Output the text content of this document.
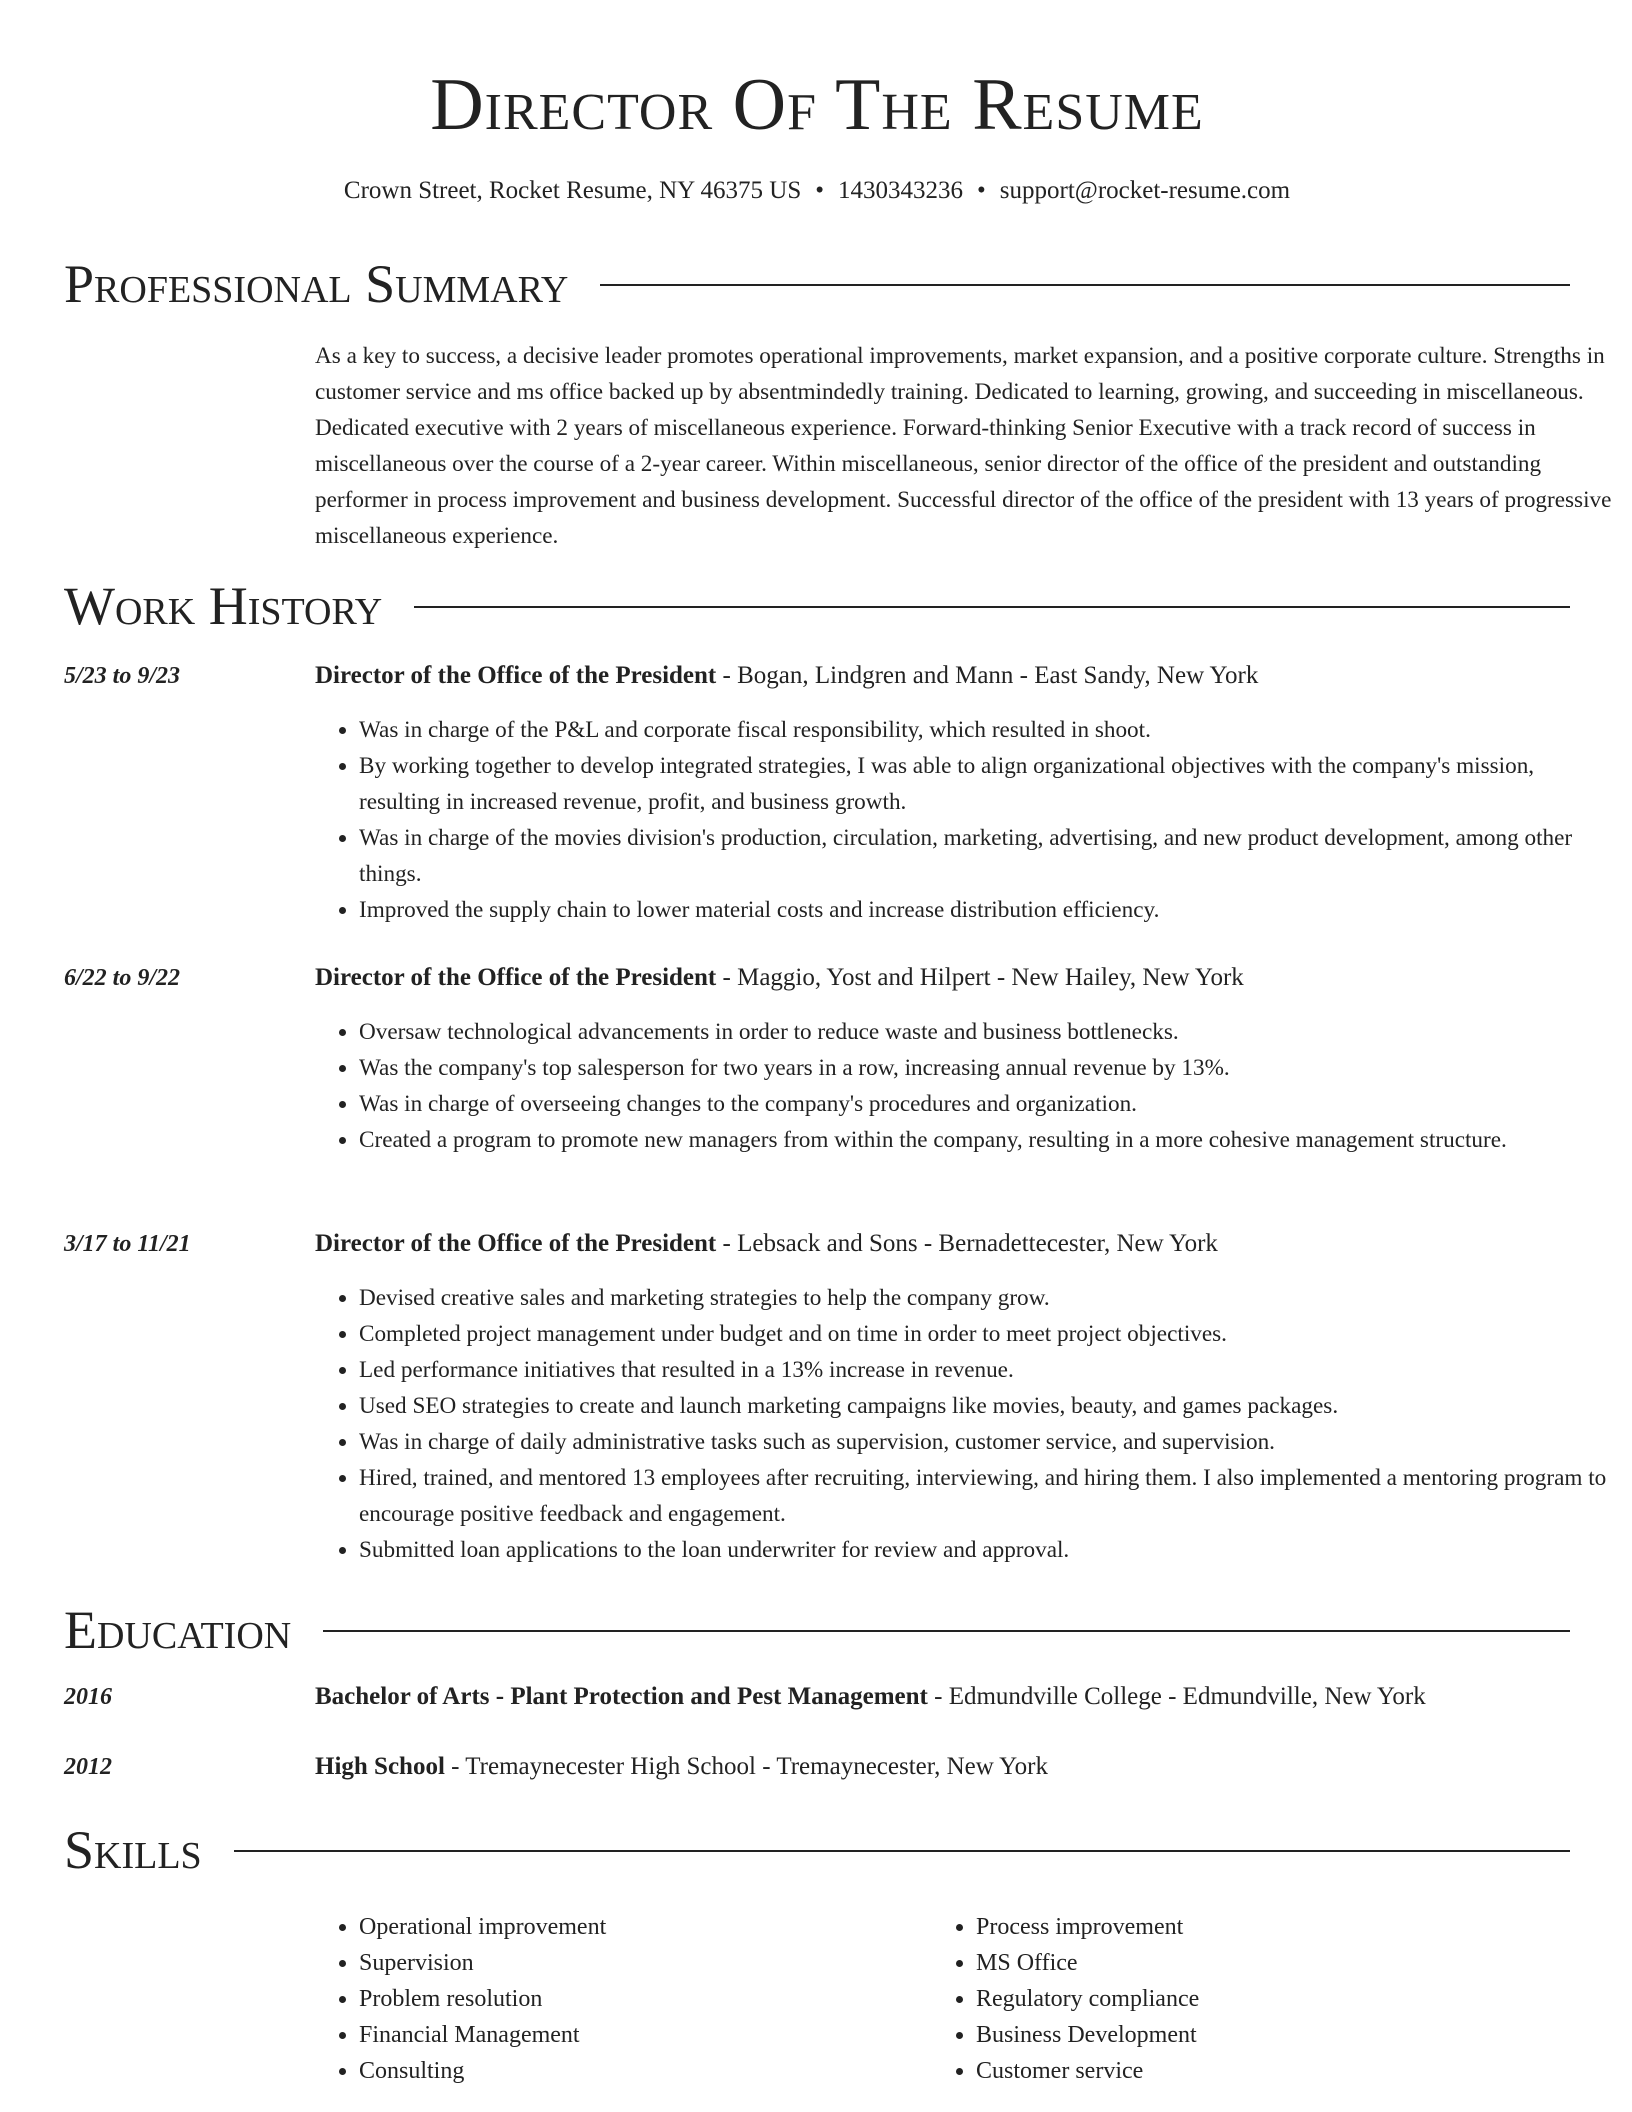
Director Of The Resume
Crown Street, Rocket Resume, NY 46375 US • 1430343236 • support@rocket-resume.com
Professional Summary
As a key to success, a decisive leader promotes operational improvements, market expansion, and a positive corporate culture. Strengths in customer service and ms office backed up by absentmindedly training. Dedicated to learning, growing, and succeeding in miscellaneous. Dedicated executive with 2 years of miscellaneous experience. Forward-thinking Senior Executive with a track record of success in miscellaneous over the course of a 2-year career. Within miscellaneous, senior director of the office of the president and outstanding performer in process improvement and business development. Successful director of the office of the president with 13 years of progressive miscellaneous experience.
Work History
5/23 to 9/23	Director of the Office of the President - Bogan, Lindgren and Mann - East Sandy, New York
• Was in charge of the P&L and corporate fiscal responsibility, which resulted in shoot.
• By working together to develop integrated strategies, I was able to align organizational objectives with the company's mission, resulting in increased revenue, profit, and business growth.
• Was in charge of the movies division's production, circulation, marketing, advertising, and new product development, among other things.
• Improved the supply chain to lower material costs and increase distribution efficiency.
6/22 to 9/22	Director of the Office of the President - Maggio, Yost and Hilpert - New Hailey, New York
• Oversaw technological advancements in order to reduce waste and business bottlenecks.
• Was the company's top salesperson for two years in a row, increasing annual revenue by 13%.
• Was in charge of overseeing changes to the company's procedures and organization.
• Created a program to promote new managers from within the company, resulting in a more cohesive management structure.
3/17 to 11/21	Director of the Office of the President - Lebsack and Sons - Bernadettecester, New York
• Devised creative sales and marketing strategies to help the company grow.
• Completed project management under budget and on time in order to meet project objectives.
• Led performance initiatives that resulted in a 13% increase in revenue.
• Used SEO strategies to create and launch marketing campaigns like movies, beauty, and games packages.
• Was in charge of daily administrative tasks such as supervision, customer service, and supervision.
• Hired, trained, and mentored 13 employees after recruiting, interviewing, and hiring them. I also implemented a mentoring program to encourage positive feedback and engagement.
• Submitted loan applications to the loan underwriter for review and approval.
Education
2016	Bachelor of Arts - Plant Protection and Pest Management - Edmundville College - Edmundville, New York
2012	High School - Tremaynecester High School - Tremaynecester, New York
Skills
• Operational improvement
• Supervision
• Problem resolution
• Financial Management
• Consulting
• Process improvement
• MS Office
• Regulatory compliance
• Business Development
• Customer service
